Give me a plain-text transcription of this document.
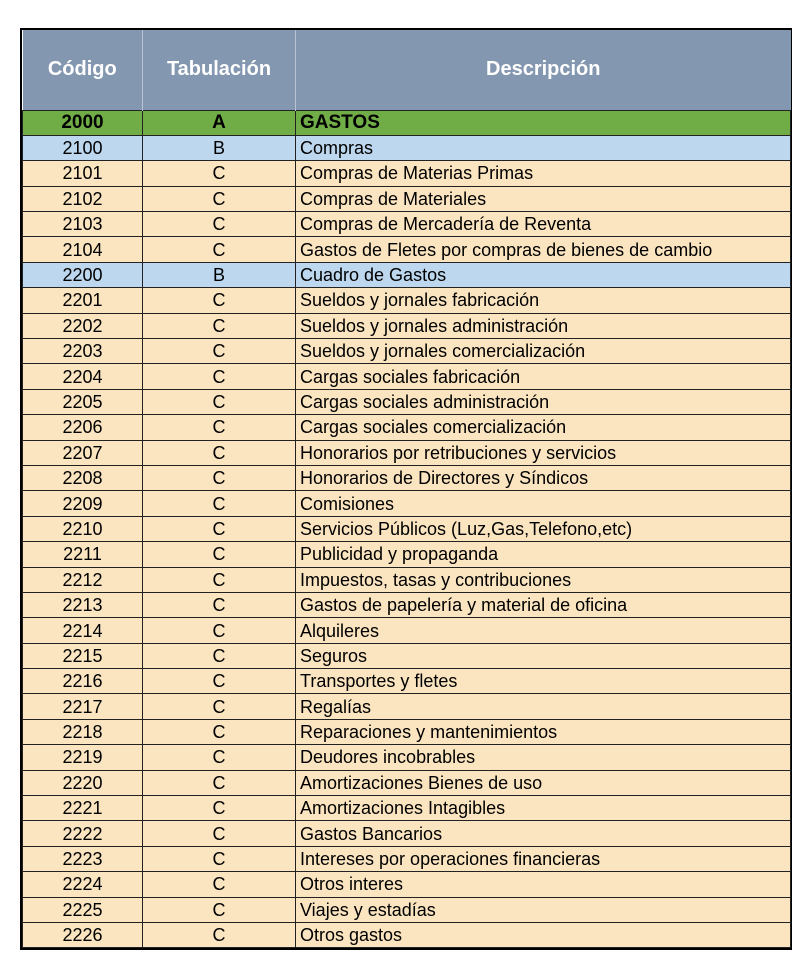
Código	Tabulación	Descripción
2000	A	GASTOS
2100	B	Compras
2101	C	Compras de Materias Primas
2102	C	Compras de Materiales
2103	C	Compras de Mercadería de Reventa
2104	C	Gastos de Fletes por compras de bienes de cambio
2200	B	Cuadro de Gastos
2201	C	Sueldos y jornales fabricación
2202	C	Sueldos y jornales administración
2203	C	Sueldos y jornales comercialización
2204	C	Cargas sociales fabricación
2205	C	Cargas sociales administración
2206	C	Cargas sociales comercialización
2207	C	Honorarios por retribuciones y servicios
2208	C	Honorarios de Directores y Síndicos
2209	C	Comisiones
2210	C	Servicios Públicos (Luz,Gas,Telefono,etc)
2211	C	Publicidad y propaganda
2212	C	Impuestos, tasas y contribuciones
2213	C	Gastos de papelería y material de oficina
2214	C	Alquileres
2215	C	Seguros
2216	C	Transportes y fletes
2217	C	Regalías
2218	C	Reparaciones y mantenimientos
2219	C	Deudores incobrables
2220	C	Amortizaciones Bienes de uso
2221	C	Amortizaciones Intagibles
2222	C	Gastos Bancarios
2223	C	Intereses por operaciones financieras
2224	C	Otros interes
2225	C	Viajes y estadías
2226	C	Otros gastos
